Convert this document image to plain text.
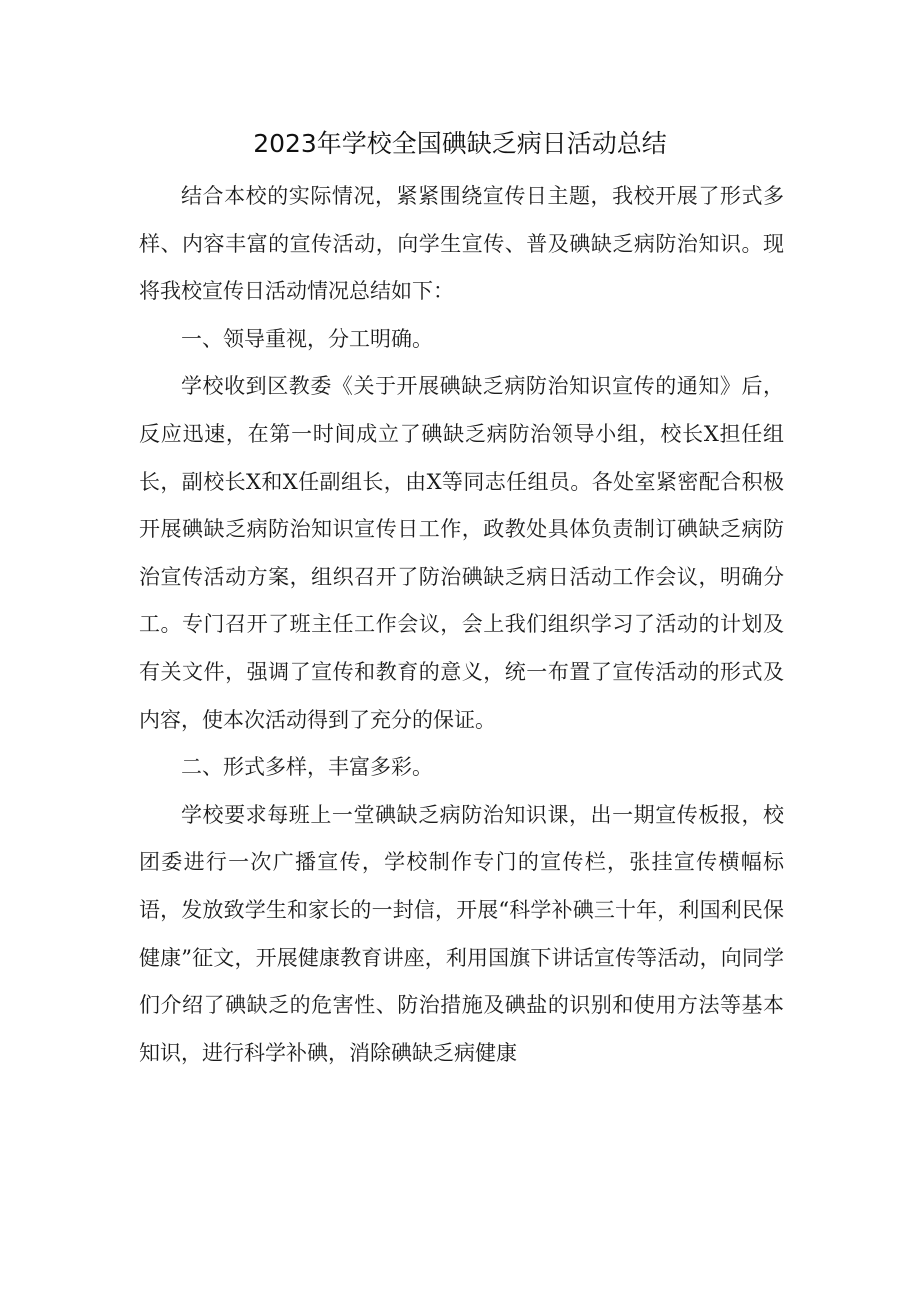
2023年学校全国碘缺乏病日活动总结

结合本校的实际情况，紧紧围绕宣传日主题，我校开展了形式多样、内容丰富的宣传活动，向学生宣传、普及碘缺乏病防治知识。现将我校宣传日活动情况总结如下：

一、领导重视，分工明确。

学校收到区教委《关于开展碘缺乏病防治知识宣传的通知》后，反应迅速，在第一时间成立了碘缺乏病防治领导小组，校长X担任组长，副校长X和X任副组长，由X等同志任组员。各处室紧密配合积极开展碘缺乏病防治知识宣传日工作，政教处具体负责制订碘缺乏病防治宣传活动方案，组织召开了防治碘缺乏病日活动工作会议，明确分工。专门召开了班主任工作会议，会上我们组织学习了活动的计划及有关文件，强调了宣传和教育的意义，统一布置了宣传活动的形式及内容，使本次活动得到了充分的保证。

二、形式多样，丰富多彩。

学校要求每班上一堂碘缺乏病防治知识课，出一期宣传板报，校团委进行一次广播宣传，学校制作专门的宣传栏，张挂宣传横幅标语，发放致学生和家长的一封信，开展“科学补碘三十年，利国利民保健康”征文，开展健康教育讲座，利用国旗下讲话宣传等活动，向同学们介绍了碘缺乏的危害性、防治措施及碘盐的识别和使用方法等基本知识，进行科学补碘，消除碘缺乏病健康
